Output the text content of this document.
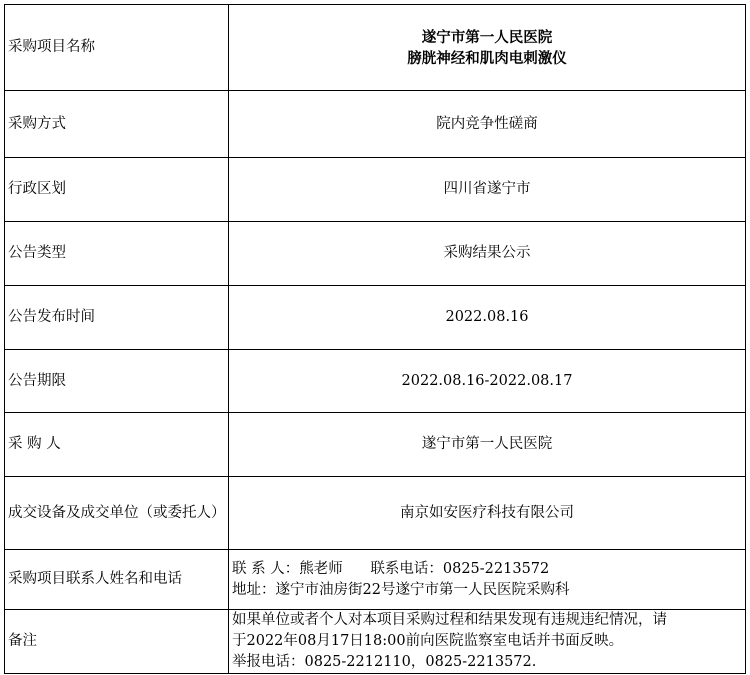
采购项目名称	遂宁市第一人民医院
膀胱神经和肌肉电刺激仪

采购方式	院内竞争性磋商
行政区划	四川省遂宁市
公告类型	采购结果公示
公告发布时间	2022.08.16
公告期限	2022.08.16-2022.08.17
采 购 人	遂宁市第一人民医院
成交设备及成交单位（或委托人）	南京如安医疗科技有限公司
采购项目联系人姓名和电话	联 系 人：熊老师      联系电话：0825-2213572
地址：遂宁市油房街22号遂宁市第一人民医院采购科

备注	如果单位或者个人对本项目采购过程和结果发现有违规违纪情况，请
于2022年08月17日18:00前向医院监察室电话并书面反映。
举报电话：0825-2212110，0825-2213572.
